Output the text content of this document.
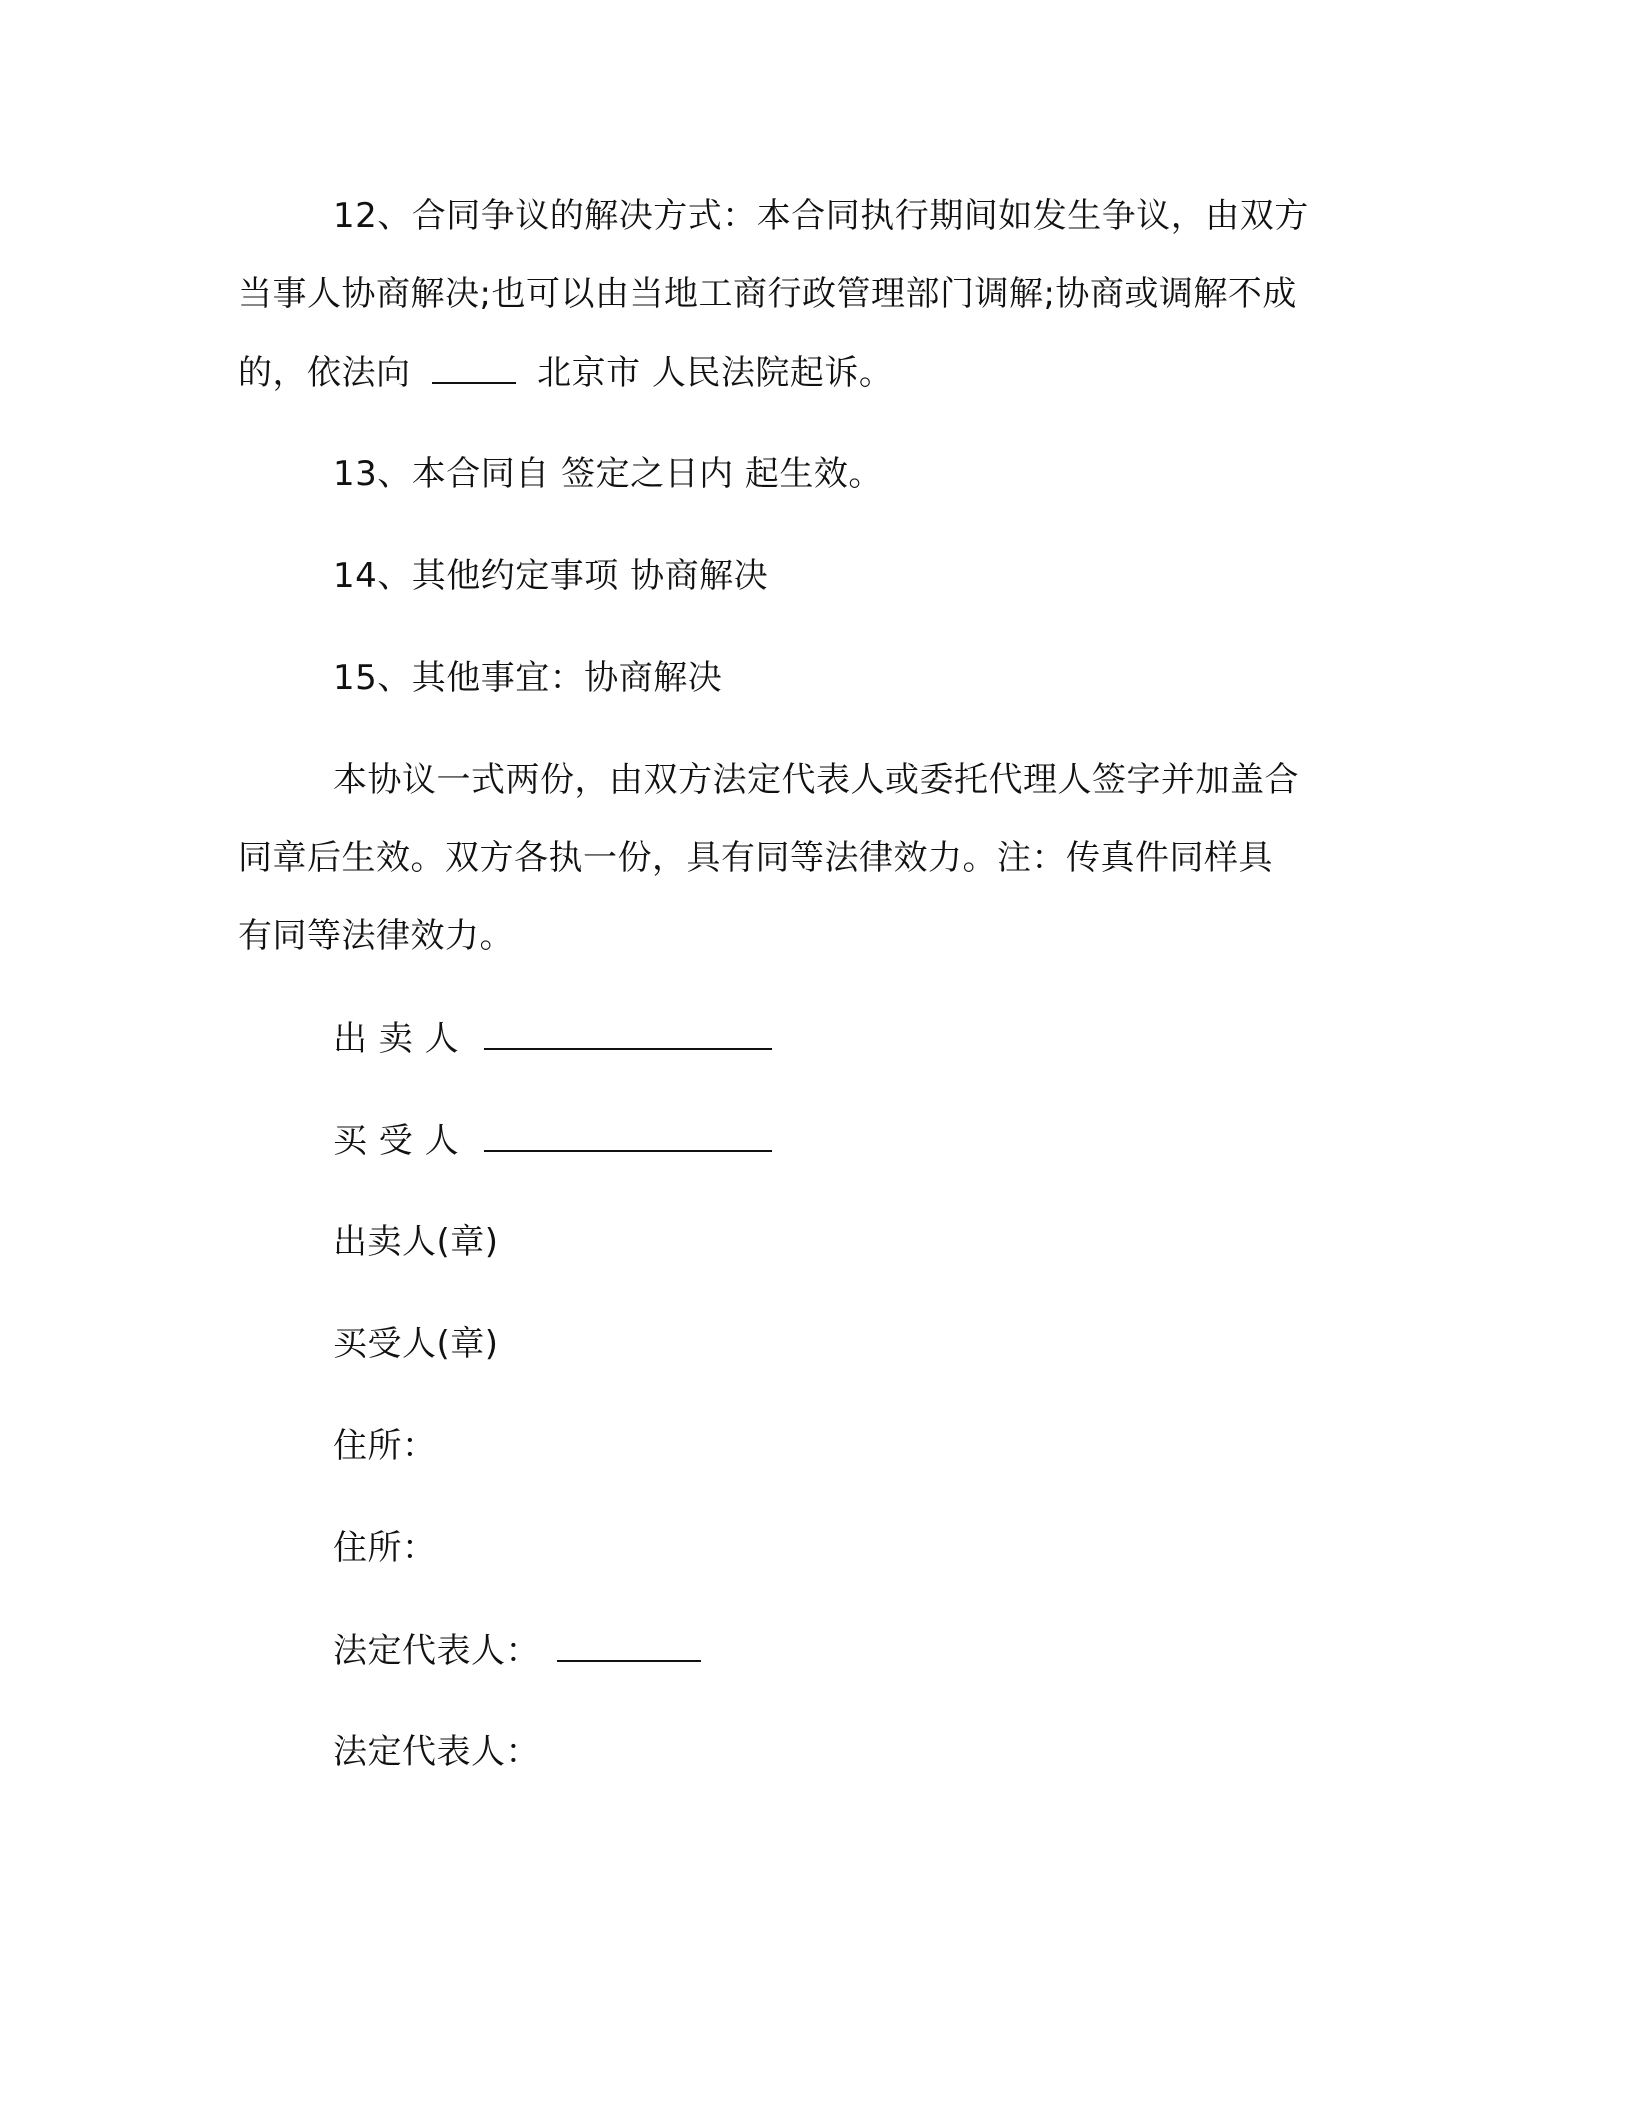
12、合同争议的解决方式：本合同执行期间如发生争议，由双方
当事人协商解决;也可以由当地工商行政管理部门调解;协商或调解不成
的，依法向	北京市 人民法院起诉。
13、本合同自 签定之日内 起生效。
14、其他约定事项 协商解决
15、其他事宜：协商解决
本协议一式两份，由双方法定代表人或委托代理人签字并加盖合
同章后生效。双方各执一份，具有同等法律效力。注：传真件同样具
有同等法律效力。
出 卖 人
买 受 人
出卖人(章)
买受人(章)
住所：
住所：
法定代表人：
法定代表人：
